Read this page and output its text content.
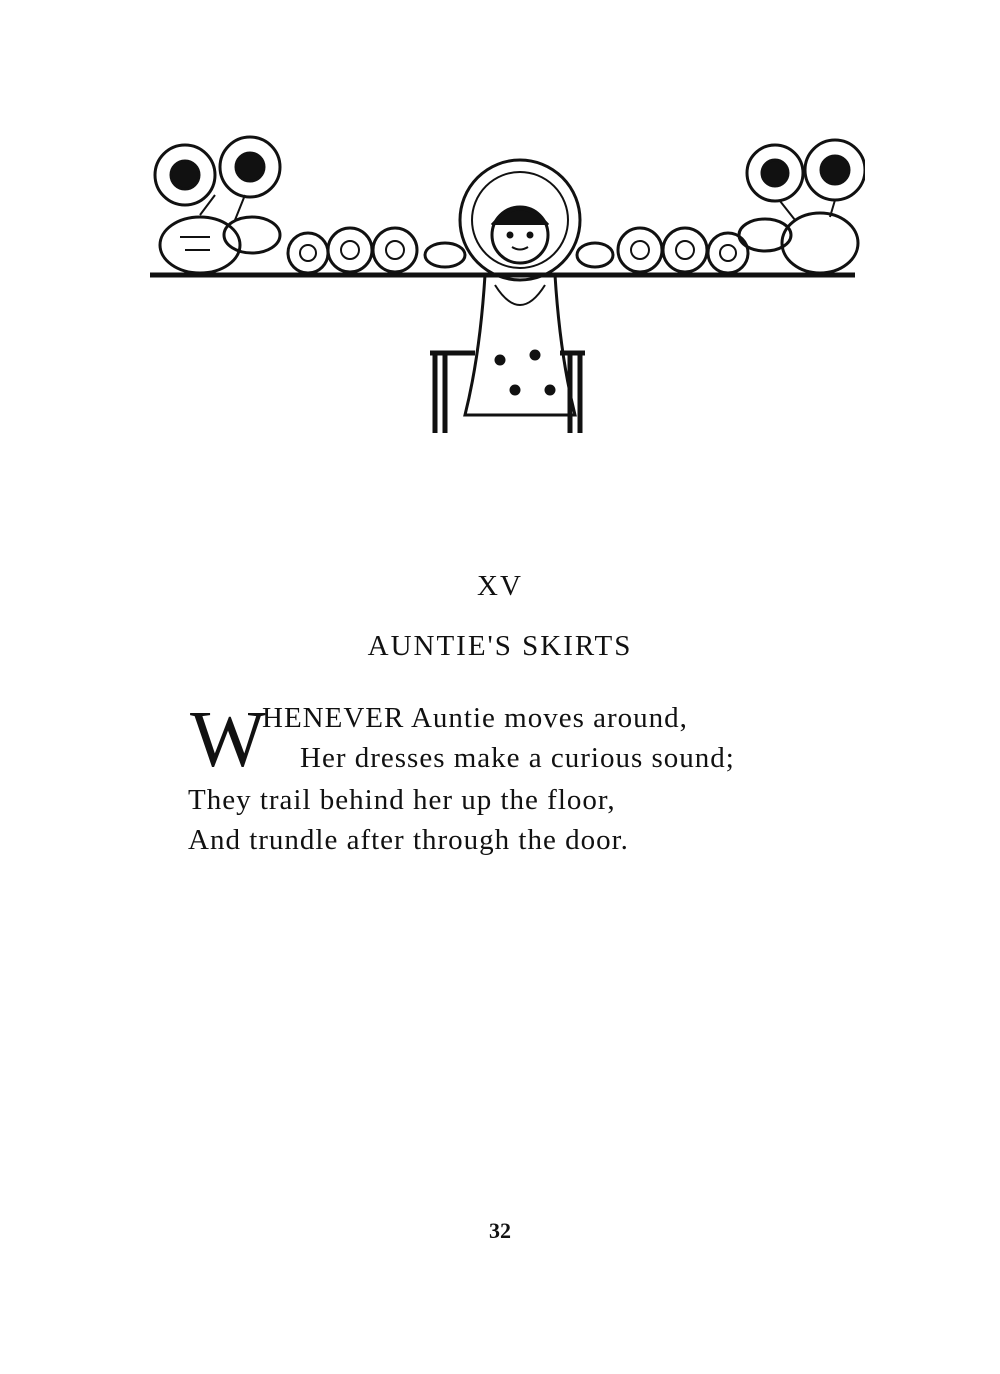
XV
AUNTIE'S SKIRTS
W
HENEVER Auntie moves around,
Her dresses make a curious sound;
They trail behind her up the floor,
And trundle after through the door.
32
